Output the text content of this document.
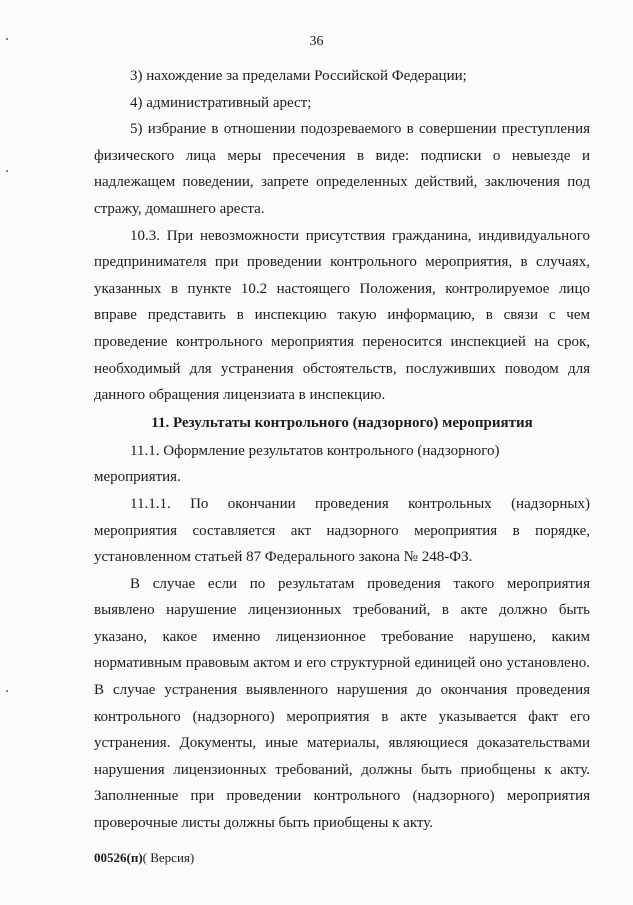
36

3) нахождение за пределами Российской Федерации;

4) административный арест;

5) избрание в отношении подозреваемого в совершении преступления физического лица меры пресечения в виде: подписки о невыезде и надлежащем поведении, запрете определенных действий, заключения под стражу, домашнего ареста.

10.3. При невозможности присутствия гражданина, индивидуального предпринимателя при проведении контрольного мероприятия, в случаях, указанных в пункте 10.2 настоящего Положения, контролируемое лицо вправе представить в инспекцию такую информацию, в связи с чем проведение контрольного мероприятия переносится инспекцией на срок, необходимый для устранения обстоятельств, послуживших поводом для данного обращения лицензиата в инспекцию.

11. Результаты контрольного (надзорного) мероприятия

11.1. Оформление результатов контрольного (надзорного) мероприятия.

11.1.1. По окончании проведения контрольных (надзорных) мероприятия составляется акт надзорного мероприятия в порядке, установленном статьей 87 Федерального закона № 248-ФЗ.

В случае если по результатам проведения такого мероприятия выявлено нарушение лицензионных требований, в акте должно быть указано, какое именно лицензионное требование нарушено, каким нормативным правовым актом и его структурной единицей оно установлено. В случае устранения выявленного нарушения до окончания проведения контрольного (надзорного) мероприятия в акте указывается факт его устранения. Документы, иные материалы, являющиеся доказательствами нарушения лицензионных требований, должны быть приобщены к акту. Заполненные при проведении контрольного (надзорного) мероприятия проверочные листы должны быть приобщены к акту.

00526(п)( Версия)
